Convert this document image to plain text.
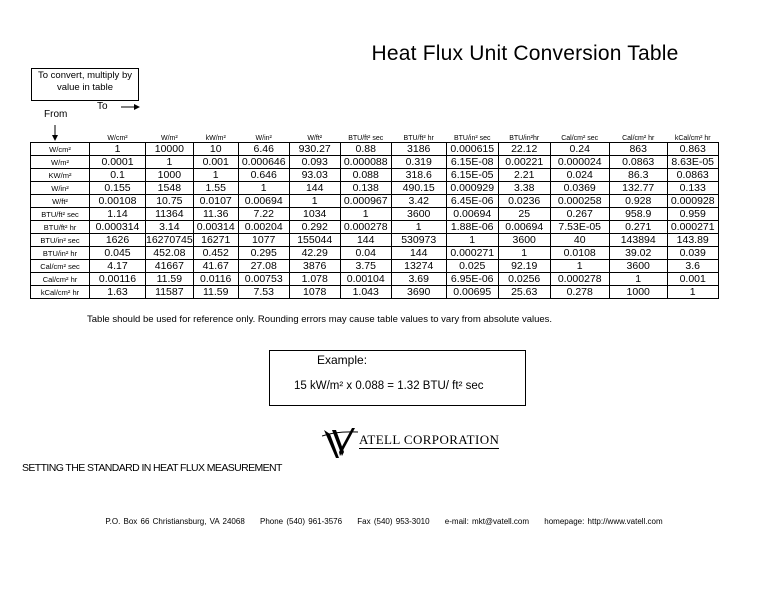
Heat Flux Unit Conversion Table
To convert, multiply by value in table
To
From
	W/cm²	W/m²	kW/m²	W/in²	W/ft²	BTU/ft² sec	BTU/ft² hr	BTU/in² sec	BTU/in²hr	Cal/cm² sec	Cal/cm² hr	kCal/cm² hr
W/cm²	1	10000	10	6.46	930.27	0.88	3186	0.000615	22.12	0.24	863	0.863
W/m²	0.0001	1	0.001	0.000646	0.093	0.000088	0.319	6.15E-08	0.00221	0.000024	0.0863	8.63E-05
KW/m²	0.1	1000	1	0.646	93.03	0.088	318.6	6.15E-05	2.21	0.024	86.3	0.0863
W/in²	0.155	1548	1.55	1	144	0.138	490.15	0.000929	3.38	0.0369	132.77	0.133
W/ft²	0.00108	10.75	0.0107	0.00694	1	0.000967	3.42	6.45E-06	0.0236	0.000258	0.928	0.000928
BTU/ft² sec	1.14	11364	11.36	7.22	1034	1	3600	0.00694	25	0.267	958.9	0.959
BTU/ft² hr	0.000314	3.14	0.00314	0.00204	0.292	0.000278	1	1.88E-06	0.00694	7.53E-05	0.271	0.000271
BTU/in² sec	1626	16270745	16271	1077	155044	144	530973	1	3600	40	143894	143.89
BTU/in² hr	0.045	452.08	0.452	0.295	42.29	0.04	144	0.000271	1	0.0108	39.02	0.039
Cal/cm² sec	4.17	41667	41.67	27.08	3876	3.75	13274	0.025	92.19	1	3600	3.6
Cal/cm² hr	0.00116	11.59	0.0116	0.00753	1.078	0.00104	3.69	6.95E-06	0.0256	0.000278	1	0.001
kCal/cm² hr	1.63	11587	11.59	7.53	1078	1.043	3690	0.00695	25.63	0.278	1000	1
Table should be used for reference only. Rounding errors may cause table values to vary from absolute values.
Example:
15 kW/m² x 0.088 = 1.32 BTU/ ft² sec
ATELL CORPORATION
SETTING THE STANDARD IN HEAT FLUX MEASUREMENT
P.O. Box 66 Christiansburg, VA 24068 Phone (540) 961-3576 Fax (540) 953-3010 e-mail: mkt@vatell.com homepage: http://www.vatell.com
